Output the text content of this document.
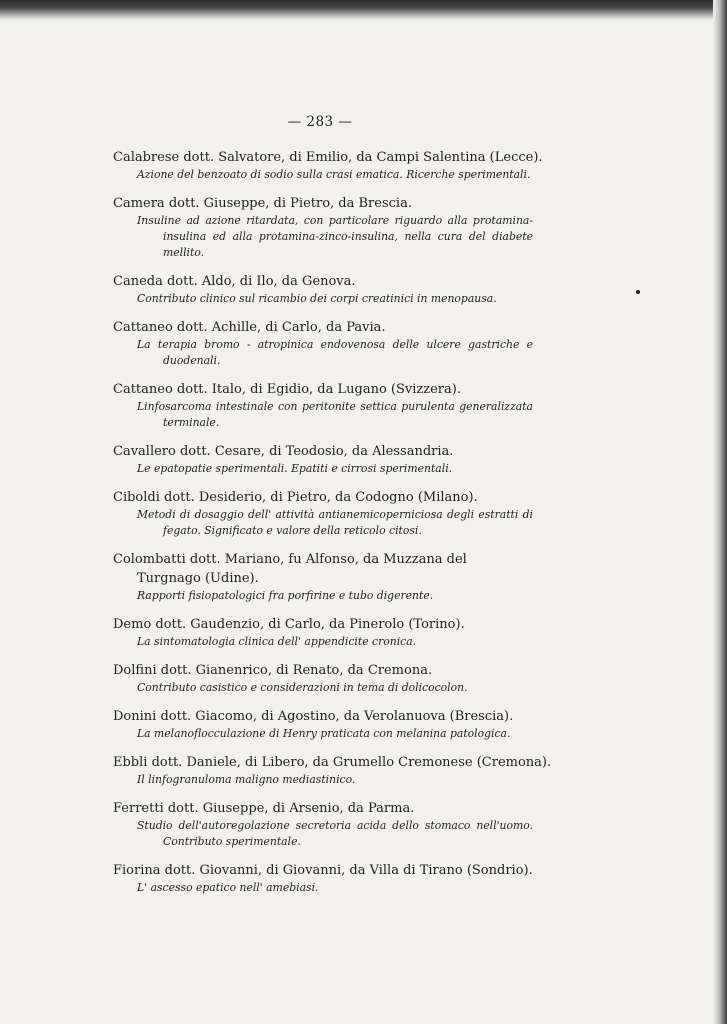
— 283 —

Calabrese dott. Salvatore, di Emilio, da Campi Salentina (Lecce).

Azione del benzoato di sodio sulla crasi ematica. Ricerche sperimentali.

Camera dott. Giuseppe, di Pietro, da Brescia.

Insuline ad azione ritardata, con particolare riguardo alla protamina-insulina ed alla protamina-zinco-insulina, nella cura del diabete mellito.

Caneda dott. Aldo, di Ilo, da Genova.

Contributo clinico sul ricambio dei corpi creatinici in menopausa.

Cattaneo dott. Achille, di Carlo, da Pavia.

La terapia bromo - atropinica endovenosa delle ulcere gastriche e duodenali.

Cattaneo dott. Italo, di Egidio, da Lugano (Svizzera).

Linfosarcoma intestinale con peritonite settica purulenta generalizzata terminale.

Cavallero dott. Cesare, di Teodosio, da Alessandria.

Le epatopatie sperimentali. Epatiti e cirrosi sperimentali.

Ciboldi dott. Desiderio, di Pietro, da Codogno (Milano).

Metodi di dosaggio dell' attività antianemicoperniciosa degli estratti di fegato. Significato e valore della reticolo citosi.

Colombatti dott. Mariano, fu Alfonso, da Muzzana del Turgnago (Udine).

Rapporti fisiopatologici fra porfirine e tubo digerente.

Demo dott. Gaudenzio, di Carlo, da Pinerolo (Torino).

La sintomatologia clinica dell' appendicite cronica.

Dolfini dott. Gianenrico, di Renato, da Cremona.

Contributo casistico e considerazioni in tema di dolicocolon.

Donini dott. Giacomo, di Agostino, da Verolanuova (Brescia).

La melanoflocculazione di Henry praticata con melanina patologica.

Ebbli dott. Daniele, di Libero, da Grumello Cremonese (Cremona).

Il linfogranuloma maligno mediastinico.

Ferretti dott. Giuseppe, di Arsenio, da Parma.

Studio dell'autoregolazione secretoria acida dello stomaco nell'uomo. Contributo sperimentale.

Fiorina dott. Giovanni, di Giovanni, da Villa di Tirano (Sondrio).

L' ascesso epatico nell' amebiasi.
